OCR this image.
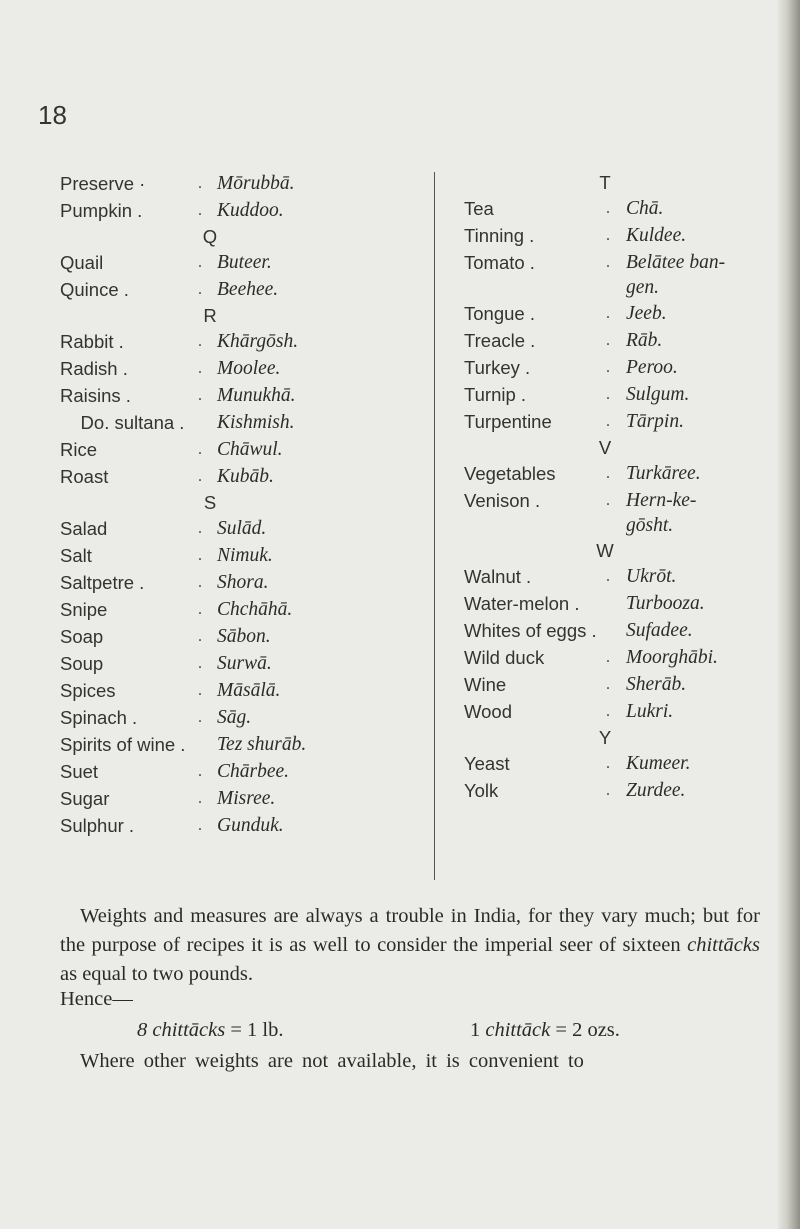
18
Preserve ·	. Mōrubbā.
Pumpkin .	. Kuddoo.
Q
Quail	. Buteer.
Quince .	. Beehee.
R
Rabbit .	. Khārgōsh.
Radish .	. Moolee.
Raisins .	. Munukhā.
Do. sultana . Kishmish.
Rice	. Chāwul.
Roast	. Kubāb.
S
Salad	. Sulād.
Salt	. Nimuk.
Saltpetre .	. Shora.
Snipe	. Chchāhā.
Soap	. Sābon.
Soup	. Surwā.
Spices	. Māsālā.
Spinach .	. Sāg.
Spirits of wine . Tez shurāb.
Suet	. Chārbee.
Sugar	. Misree.
Sulphur .	. Gunduk.
T
Tea	. Chā.
Tinning .	. Kuldee.
Tomato .	. Belātee ban-
gen.
Tongue .	. Jeeb.
Treacle .	. Rāb.
Turkey .	. Peroo.
Turnip .	. Sulgum.
Turpentine	. Tārpin.
V
Vegetables	. Turkāree.
Venison .	. Hern-ke-
gōsht.
W
Walnut .	. Ukrōt.
Water-melon . Turbooza.
Whites of eggs . Sufadee.
Wild duck	. Moorghābi.
Wine	. Sherāb.
Wood	. Lukri.
Y
Yeast	. Kumeer.
Yolk	. Zurdee.
Weights and measures are always a trouble in India, for they vary much; but for the purpose of recipes it is as well to consider the imperial seer of sixteen chittācks as equal to two pounds.
Hence—
8 chittācks = 1 lb.	1 chittāck = 2 ozs.
Where other weights are not available, it is convenient to
